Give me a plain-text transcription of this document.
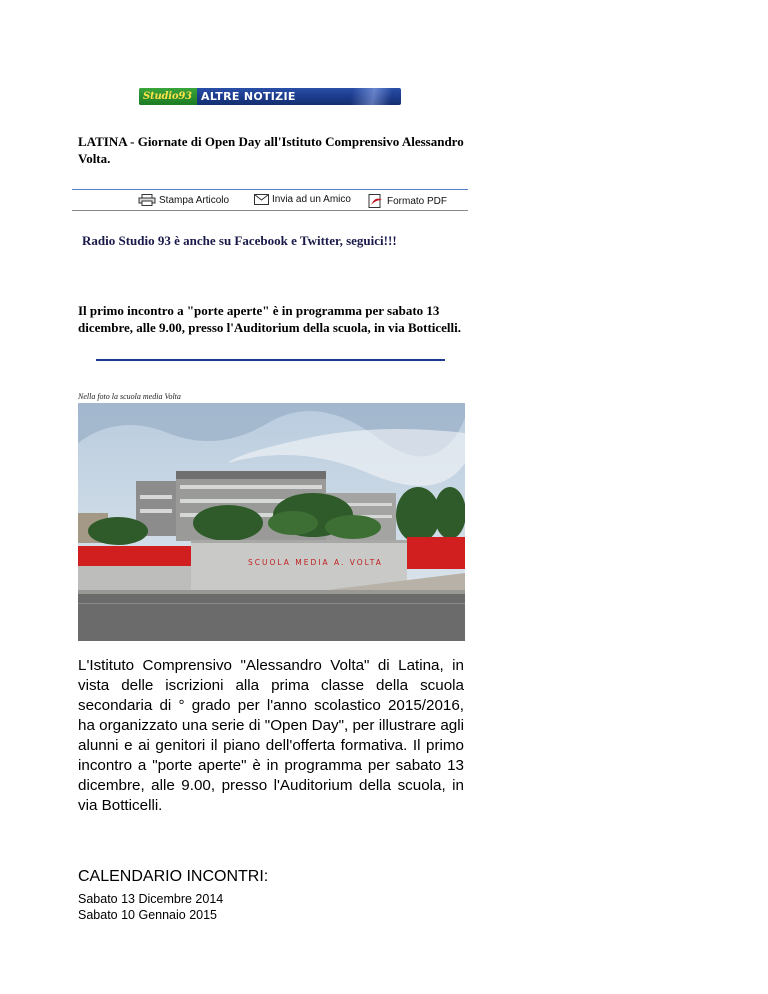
Studio93 ALTRE NOTIZIE
LATINA - Giornate di Open Day all'Istituto Comprensivo Alessandro Volta.
Stampa Articolo	Invia ad un Amico	Formato PDF
Radio Studio 93 è anche su Facebook e Twitter, seguici!!!
Il primo incontro a "porte aperte" è in programma per sabato 13 dicembre, alle 9.00, presso l'Auditorium della scuola, in via Botticelli.
Nella foto la scuola media Volta
SCUOLA MEDIA A. VOLTA
L'Istituto Comprensivo "Alessandro Volta" di Latina, in vista delle iscrizioni alla prima classe della scuola secondaria di ° grado per l'anno scolastico 2015/2016, ha organizzato una serie di "Open Day", per illustrare agli alunni e ai genitori il piano dell'offerta formativa. Il primo incontro a "porte aperte" è in programma per sabato 13 dicembre, alle 9.00, presso l'Auditorium della scuola, in via Botticelli.
CALENDARIO INCONTRI:
Sabato 13 Dicembre 2014
Sabato 10 Gennaio 2015
